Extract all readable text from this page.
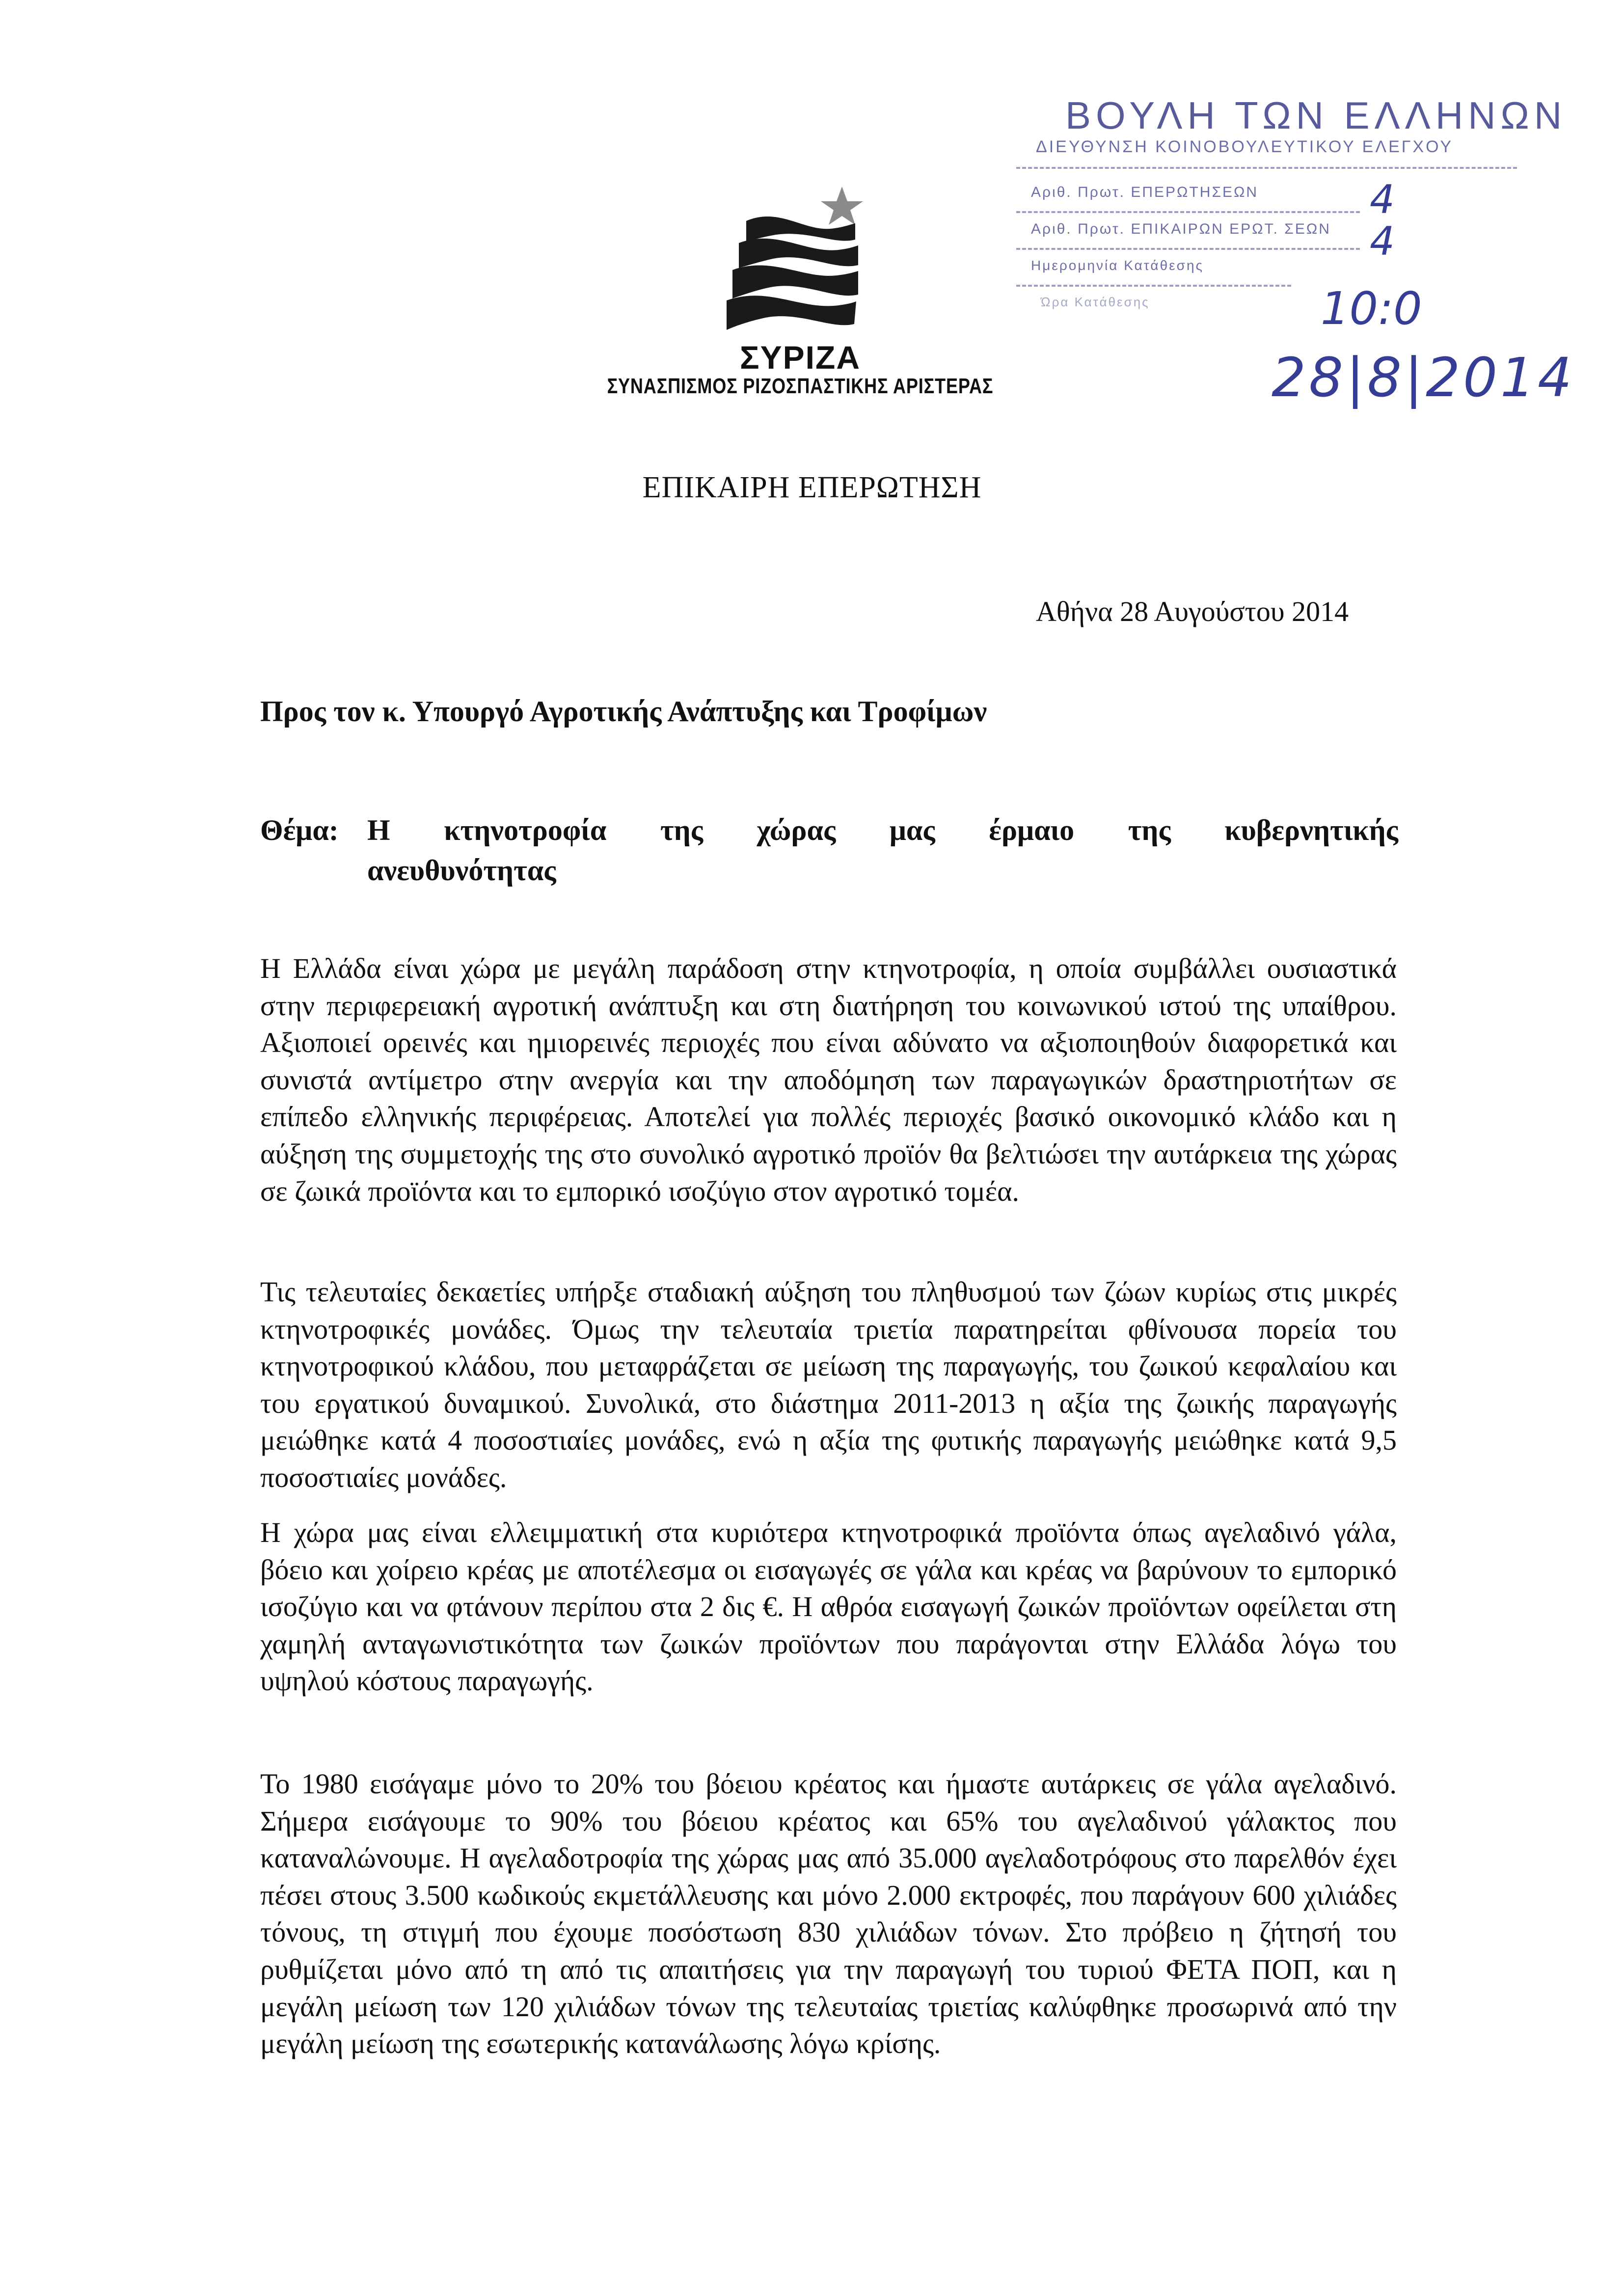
ΣΥΡΙΖΑ
ΣΥΝΑΣΠΙΣΜΟΣ ΡΙΖΟΣΠΑΣΤΙΚΗΣ ΑΡΙΣΤΕΡΑΣ
ΒΟΥΛΗ ΤΩΝ ΕΛΛΗΝΩΝ
ΔΙΕΥΘΥΝΣΗ ΚΟΙΝΟΒΟΥΛΕΥΤΙΚΟΥ ΕΛΕΓΧΟΥ
Αριθ. Πρωτ. ΕΠΕΡΩΤΗΣΕΩΝ
Αριθ. Πρωτ. ΕΠΙΚΑΙΡΩΝ ΕΡΩΤ. ΣΕΩΝ
Ημερομηνία Κατάθεσης
Ώρα Κατάθεσης
4
4
10:0
28|8|2014
ΕΠΙΚΑΙΡΗ ΕΠΕΡΩΤΗΣΗ
Αθήνα 28 Αυγούστου 2014
Προς τον κ. Υπουργό Αγροτικής Ανάπτυξης και Τροφίμων
Θέμα: Η κτηνοτροφία της χώρας μας έρμαιο της κυβερνητικής
ανευθυνότητας
Η Ελλάδα είναι χώρα με μεγάλη παράδοση στην κτηνοτροφία, η οποία συμβάλλει ουσιαστικά στην περιφερειακή αγροτική ανάπτυξη και στη διατήρηση του κοινωνικού ιστού της υπαίθρου. Αξιοποιεί ορεινές και ημιορεινές περιοχές που είναι αδύνατο να αξιοποιηθούν διαφορετικά και συνιστά αντίμετρο στην ανεργία και την αποδόμηση των παραγωγικών δραστηριοτήτων σε επίπεδο ελληνικής περιφέρειας. Αποτελεί για πολλές περιοχές βασικό οικονομικό κλάδο και η αύξηση της συμμετοχής της στο συνολικό αγροτικό προϊόν θα βελτιώσει την αυτάρκεια της χώρας σε ζωικά προϊόντα και το εμπορικό ισοζύγιο στον αγροτικό τομέα.
Τις τελευταίες δεκαετίες υπήρξε σταδιακή αύξηση του πληθυσμού των ζώων κυρίως στις μικρές κτηνοτροφικές μονάδες. Όμως την τελευταία τριετία παρατηρείται φθίνουσα πορεία του κτηνοτροφικού κλάδου, που μεταφράζεται σε μείωση της παραγωγής, του ζωικού κεφαλαίου και του εργατικού δυναμικού. Συνολικά, στο διάστημα 2011-2013 η αξία της ζωικής παραγωγής μειώθηκε κατά 4 ποσοστιαίες μονάδες, ενώ η αξία της φυτικής παραγωγής μειώθηκε κατά 9,5 ποσοστιαίες μονάδες.
Η χώρα μας είναι ελλειμματική στα κυριότερα κτηνοτροφικά προϊόντα όπως αγελαδινό γάλα, βόειο και χοίρειο κρέας με αποτέλεσμα οι εισαγωγές σε γάλα και κρέας να βαρύνουν το εμπορικό ισοζύγιο και να φτάνουν περίπου στα 2 δις €. Η αθρόα εισαγωγή ζωικών προϊόντων οφείλεται στη χαμηλή ανταγωνιστικότητα των ζωικών προϊόντων που παράγονται στην Ελλάδα λόγω του υψηλού κόστους παραγωγής.
Το 1980 εισάγαμε μόνο το 20% του βόειου κρέατος και ήμαστε αυτάρκεις σε γάλα αγελαδινό. Σήμερα εισάγουμε το 90% του βόειου κρέατος και 65% του αγελαδινού γάλακτος που καταναλώνουμε. Η αγελαδοτροφία της χώρας μας από 35.000 αγελαδοτρόφους στο παρελθόν έχει πέσει στους 3.500 κωδικούς εκμετάλλευσης και μόνο 2.000 εκτροφές, που παράγουν 600 χιλιάδες τόνους, τη στιγμή που έχουμε ποσόστωση 830 χιλιάδων τόνων. Στο πρόβειο η ζήτησή του ρυθμίζεται μόνο από τη από τις απαιτήσεις για την παραγωγή του τυριού ΦΕΤΑ ΠΟΠ, και η μεγάλη μείωση των 120 χιλιάδων τόνων της τελευταίας τριετίας καλύφθηκε προσωρινά από την μεγάλη μείωση της εσωτερικής κατανάλωσης λόγω κρίσης.
